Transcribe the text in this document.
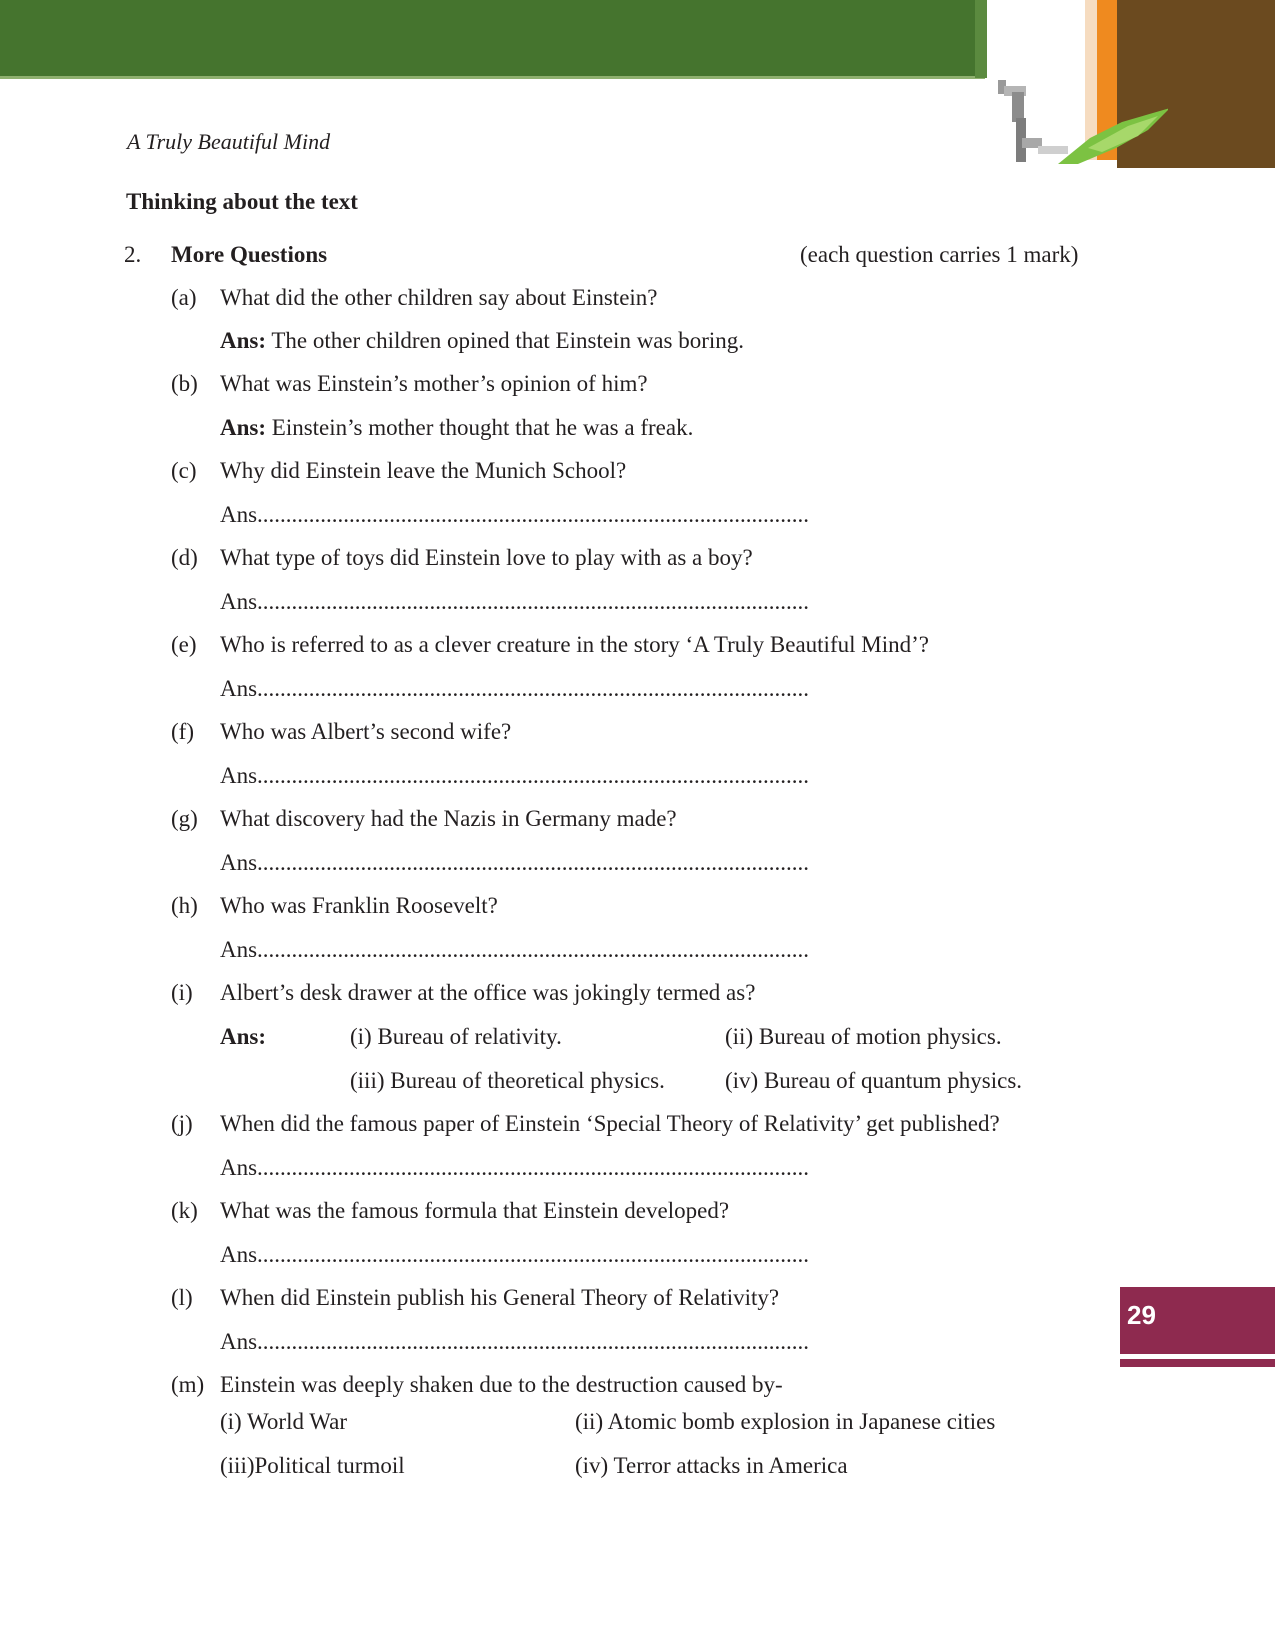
A Truly Beautiful Mind
Thinking about the text
2. More Questions	(each question carries 1 mark)
(a) What did the other children say about Einstein?
Ans: The other children opined that Einstein was boring.
(b) What was Einstein’s mother’s opinion of him?
Ans: Einstein’s mother thought that he was a freak.
(c) Why did Einstein leave the Munich School?
Ans................................................................................................
(d) What type of toys did Einstein love to play with as a boy?
Ans................................................................................................
(e) Who is referred to as a clever creature in the story ‘A Truly Beautiful Mind’?
Ans................................................................................................
(f) Who was Albert’s second wife?
Ans................................................................................................
(g) What discovery had the Nazis in Germany made?
Ans................................................................................................
(h) Who was Franklin Roosevelt?
Ans................................................................................................
(i) Albert’s desk drawer at the office was jokingly termed as?
Ans:	(i) Bureau of relativity.	(ii) Bureau of motion physics.
(iii) Bureau of theoretical physics.	(iv) Bureau of quantum physics.
(j) When did the famous paper of Einstein ‘Special Theory of Relativity’ get published?
Ans................................................................................................
(k) What was the famous formula that Einstein developed?
Ans................................................................................................
(l) When did Einstein publish his General Theory of Relativity?
Ans................................................................................................
(m) Einstein was deeply shaken due to the destruction caused by-
(i) World War	(ii) Atomic bomb explosion in Japanese cities
(iii)Political turmoil	(iv) Terror attacks in America
29
